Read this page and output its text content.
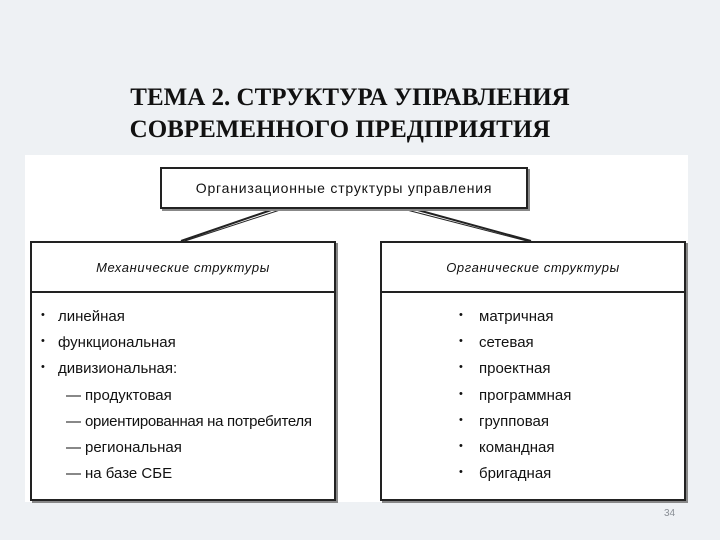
ТЕМА 2. СТРУКТУРА УПРАВЛЕНИЯ
СОВРЕМЕННОГО ПРЕДПРИЯТИЯ
Организационные структуры управления
Механические структуры
• линейная
• функциональная
• дивизиональная:
— продуктовая
— ориентированная на потребителя
— региональная
— на базе СБЕ
Органические структуры
• матричная
• сетевая
• проектная
• программная
• групповая
• командная
• бригадная
34
